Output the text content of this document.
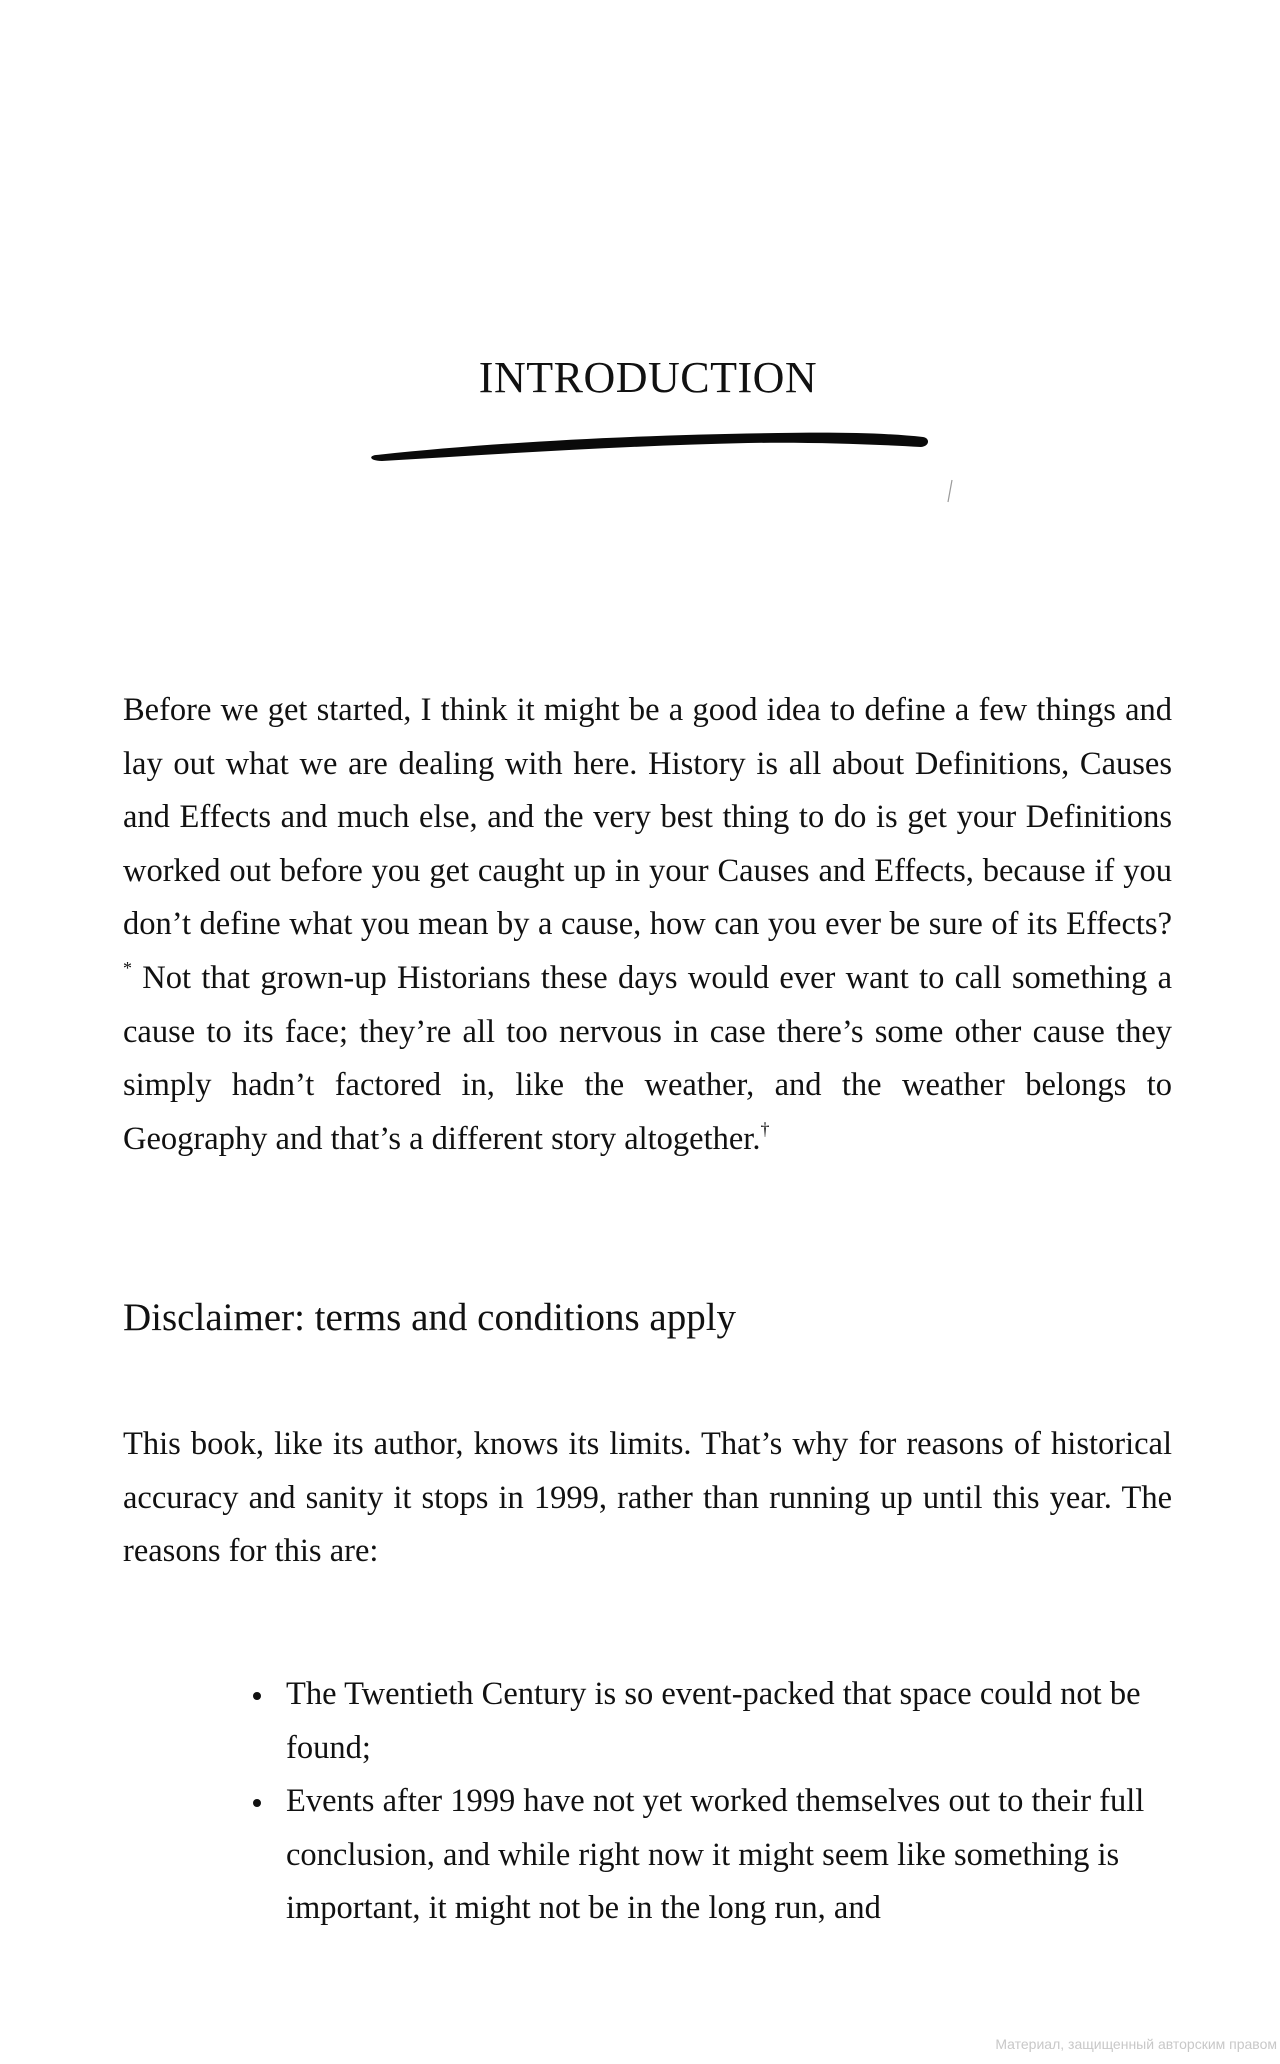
INTRODUCTION

Before we get started, I think it might be a good idea to define a few things and lay out what we are dealing with here. History is all about Definitions, Causes and Effects and much else, and the very best thing to do is get your Definitions worked out before you get caught up in your Causes and Effects, because if you don’t define what you mean by a cause, how can you ever be sure of its Effects?* Not that grown-up Historians these days would ever want to call something a cause to its face; they’re all too nervous in case there’s some other cause they simply hadn’t factored in, like the weather, and the weather belongs to Geography and that’s a different story altogether.†

Disclaimer: terms and conditions apply

This book, like its author, knows its limits. That’s why for reasons of historical accuracy and sanity it stops in 1999, rather than running up until this year. The reasons for this are:

The Twentieth Century is so event-packed that space could not be found;
Events after 1999 have not yet worked themselves out to their full conclusion, and while right now it might seem like something is important, it might not be in the long run, and
Материал, защищенный авторским правом
